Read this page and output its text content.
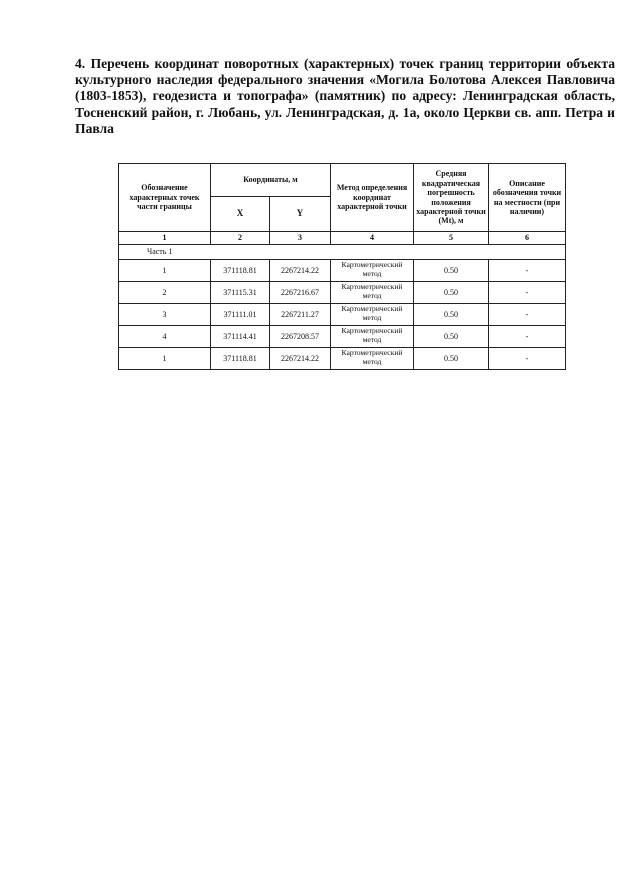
4. Перечень координат поворотных (характерных) точек границ территории объекта культурного наследия федерального значения «Могила Болотова Алексея Павловича (1803-1853), геодезиста и топографа» (памятник) по адресу: Ленинградская область, Тосненский район, г. Любань, ул. Ленинградская, д. 1а, около Церкви св. апп. Петра и Павла

Обозначение характерных точек части границы	Координаты, м		Метод определения координат характерной точки	Средняя квадратическая погрешность положения характерной точки (Mt), м	Описание обозначения точки на местности (при наличии)
	X	Y			
1	2	3	4	5	6
Часть 1					
1	371118.81	2267214.22	Картометрический метод	0.50	-
2	371115.31	2267216.67	Картометрический метод	0.50	-
3	371111.01	2267211.27	Картометрический метод	0.50	-
4	371114.41	2267208.57	Картометрический метод	0.50	-
1	371118.81	2267214.22	Картометрический метод	0.50	-
